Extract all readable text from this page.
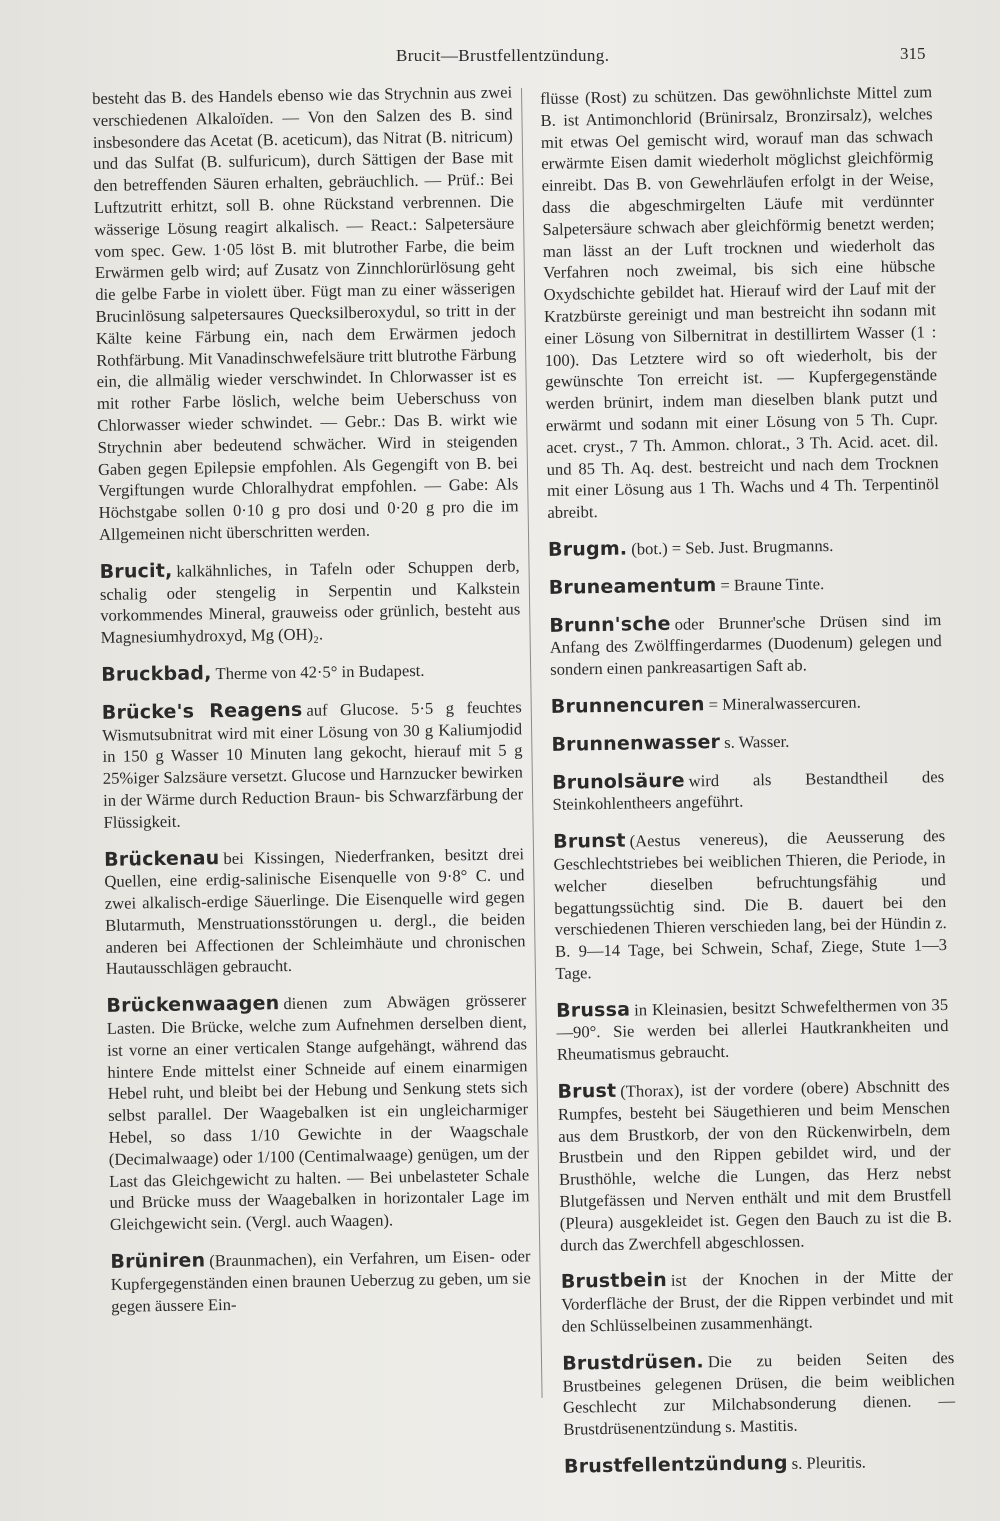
Brucit—Brustfellentzündung.	315

besteht das B. des Handels ebenso wie das Strychnin aus zwei verschiedenen Alkaloïden. — Von den Salzen des B. sind insbesondere das Acetat (B. aceticum), das Nitrat (B. nitricum) und das Sulfat (B. sulfuricum), durch Sättigen der Base mit den betreffenden Säuren erhalten, gebräuchlich. — Prüf.: Bei Luftzutritt erhitzt, soll B. ohne Rückstand verbrennen. Die wässerige Lösung reagirt alkalisch. — React.: Salpetersäure vom spec. Gew. 1·05 löst B. mit blutrother Farbe, die beim Erwärmen gelb wird; auf Zusatz von Zinnchlorürlösung geht die gelbe Farbe in violett über. Fügt man zu einer wässerigen Brucinlösung salpetersaures Quecksilberoxydul, so tritt in der Kälte keine Färbung ein, nach dem Erwärmen jedoch Rothfärbung. Mit Vanadinschwefelsäure tritt blutrothe Färbung ein, die allmälig wieder verschwindet. In Chlorwasser ist es mit rother Farbe löslich, welche beim Ueberschuss von Chlorwasser wieder schwindet. — Gebr.: Das B. wirkt wie Strychnin aber bedeutend schwächer. Wird in steigenden Gaben gegen Epilepsie empfohlen. Als Gegengift von B. bei Vergiftungen wurde Chloralhydrat empfohlen. — Gabe: Als Höchstgabe sollen 0·10 g pro dosi und 0·20 g pro die im Allgemeinen nicht überschritten werden.

Brucit, kalkähnliches, in Tafeln oder Schuppen derb, schalig oder stengelig in Serpentin und Kalkstein vorkommendes Mineral, grauweiss oder grünlich, besteht aus Magnesiumhydroxyd, Mg (OH)₂.

Bruckbad, Therme von 42·5° in Budapest.

Brücke's Reagens auf Glucose. 5·5 g feuchtes Wismutsubnitrat wird mit einer Lösung von 30 g Kaliumjodid in 150 g Wasser 10 Minuten lang gekocht, hierauf mit 5 g 25%iger Salzsäure versetzt. Glucose und Harnzucker bewirken in der Wärme durch Reduction Braun- bis Schwarzfärbung der Flüssigkeit.

Brückenau bei Kissingen, Niederfranken, besitzt drei Quellen, eine erdig-salinische Eisenquelle von 9·8° C. und zwei alkalisch-erdige Säuerlinge. Die Eisenquelle wird gegen Blutarmuth, Menstruationsstörungen u. dergl., die beiden anderen bei Affectionen der Schleimhäute und chronischen Hautausschlägen gebraucht.

Brückenwaagen dienen zum Abwägen grösserer Lasten. Die Brücke, welche zum Aufnehmen derselben dient, ist vorne an einer verticalen Stange aufgehängt, während das hintere Ende mittelst einer Schneide auf einem einarmigen Hebel ruht, und bleibt bei der Hebung und Senkung stets sich selbst parallel. Der Waagebalken ist ein ungleicharmiger Hebel, so dass 1/10 Gewichte in der Waagschale (Decimalwaage) oder 1/100 (Centimalwaage) genügen, um der Last das Gleichgewicht zu halten. — Bei unbelasteter Schale und Brücke muss der Waagebalken in horizontaler Lage im Gleichgewicht sein. (Vergl. auch Waagen).

Brüniren (Braunmachen), ein Verfahren, um Eisen- oder Kupfergegenständen einen braunen Ueberzug zu geben, um sie gegen äussere Ein-

flüsse (Rost) zu schützen. Das gewöhnlichste Mittel zum B. ist Antimonchlorid (Brünirsalz, Bronzirsalz), welches mit etwas Oel gemischt wird, worauf man das schwach erwärmte Eisen damit wiederholt möglichst gleichförmig einreibt. Das B. von Gewehrläufen erfolgt in der Weise, dass die abgeschmirgelten Läufe mit verdünnter Salpetersäure schwach aber gleichförmig benetzt werden; man lässt an der Luft trocknen und wiederholt das Verfahren noch zweimal, bis sich eine hübsche Oxydschichte gebildet hat. Hierauf wird der Lauf mit der Kratzbürste gereinigt und man bestreicht ihn sodann mit einer Lösung von Silbernitrat in destillirtem Wasser (1 : 100). Das Letztere wird so oft wiederholt, bis der gewünschte Ton erreicht ist. — Kupfergegenstände werden brünirt, indem man dieselben blank putzt und erwärmt und sodann mit einer Lösung von 5 Th. Cupr. acet. cryst., 7 Th. Ammon. chlorat., 3 Th. Acid. acet. dil. und 85 Th. Aq. dest. bestreicht und nach dem Trocknen mit einer Lösung aus 1 Th. Wachs und 4 Th. Terpentinöl abreibt.

Brugm. (bot.) = Seb. Just. Brugmanns.

Bruneamentum = Braune Tinte.

Brunn'sche oder Brunner'sche Drüsen sind im Anfang des Zwölffingerdarmes (Duodenum) gelegen und sondern einen pankreasartigen Saft ab.

Brunnencuren = Mineralwassercuren.

Brunnenwasser s. Wasser.

Brunolsäure wird als Bestandtheil des Steinkohlentheers angeführt.

Brunst (Aestus venereus), die Aeusserung des Geschlechtstriebes bei weiblichen Thieren, die Periode, in welcher dieselben befruchtungsfähig und begattungssüchtig sind. Die B. dauert bei den verschiedenen Thieren verschieden lang, bei der Hündin z. B. 9—14 Tage, bei Schwein, Schaf, Ziege, Stute 1—3 Tage.

Brussa in Kleinasien, besitzt Schwefelthermen von 35—90°. Sie werden bei allerlei Hautkrankheiten und Rheumatismus gebraucht.

Brust (Thorax), ist der vordere (obere) Abschnitt des Rumpfes, besteht bei Säugethieren und beim Menschen aus dem Brustkorb, der von den Rückenwirbeln, dem Brustbein und den Rippen gebildet wird, und der Brusthöhle, welche die Lungen, das Herz nebst Blutgefässen und Nerven enthält und mit dem Brustfell (Pleura) ausgekleidet ist. Gegen den Bauch zu ist die B. durch das Zwerchfell abgeschlossen.

Brustbein ist der Knochen in der Mitte der Vorderfläche der Brust, der die Rippen verbindet und mit den Schlüsselbeinen zusammenhängt.

Brustdrüsen. Die zu beiden Seiten des Brustbeines gelegenen Drüsen, die beim weiblichen Geschlecht zur Milchabsonderung dienen. — Brustdrüsenentzündung s. Mastitis.

Brustfellentzündung s. Pleuritis.
